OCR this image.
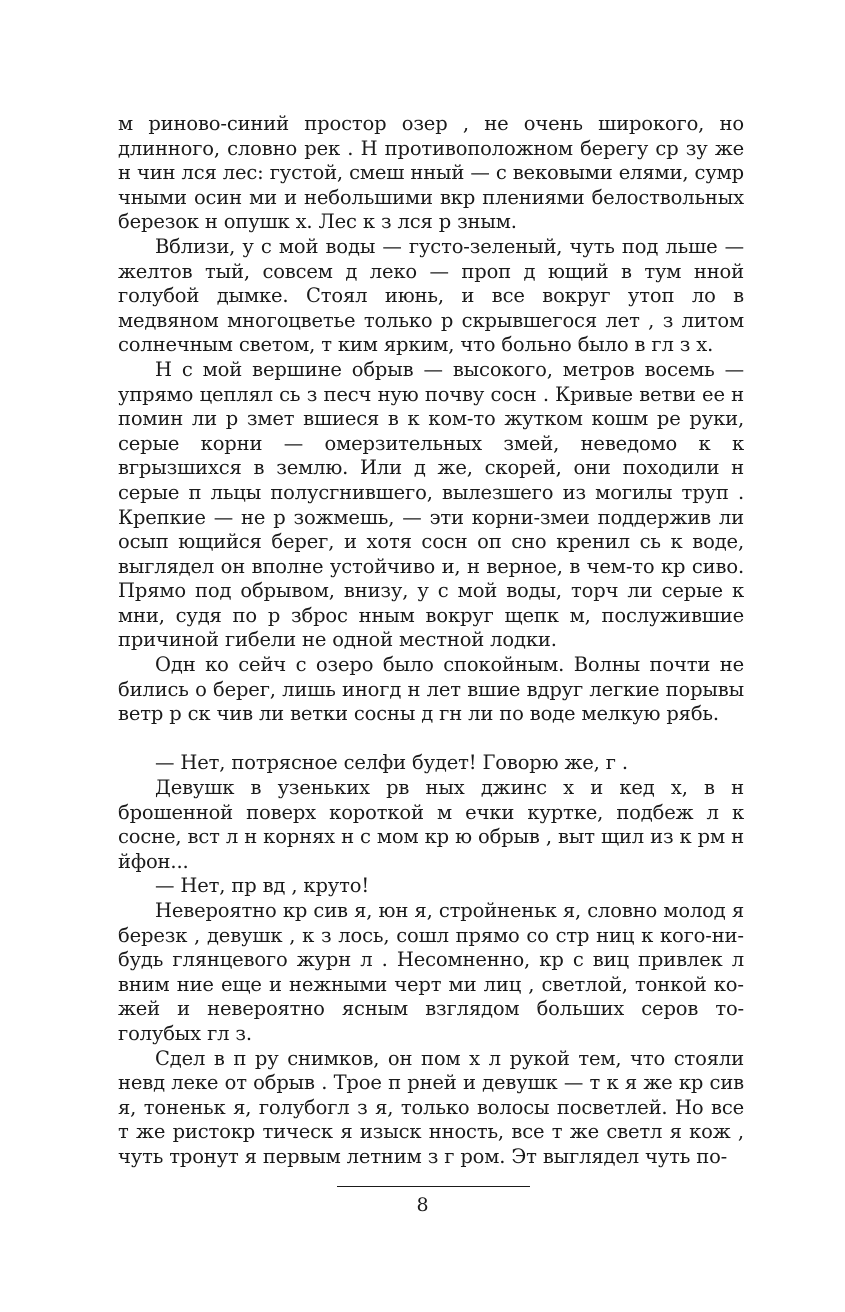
м риново-синий простор озер , не очень широкого, но длинного, словно рек . Н противоположном берегу ср зу же н чин лся лес: густой, смеш нный — с вековыми елями, сумр чными осин ми и небольшими вкр плениями белоствольных березок н опушк х. Лес к з лся р зным.

Вблизи, у с мой воды — густо-зеленый, чуть под льше — желтов тый, совсем д леко — проп д ющий в тум нной голубой дымке. Стоял июнь, и все вокруг утоп ло в медвяном многоцветье только р скрывшегося лет , з литом солнечным светом, т ким ярким, что больно было в гл з х.

Н с мой вершине обрыв — высокого, метров восемь — упрямо цеплял сь з песч ную почву сосн . Кривые ветви ее н помин ли р змет вшиеся в к ком-то жутком кошм ре руки, серые корни — омерзительных змей, неведомо к к вгрызшихся в землю. Или д же, скорей, они походили н серые п льцы полусгнившего, вылезшего из могилы труп . Крепкие — не р зожмешь, — эти корни-змеи поддержив ли осып ющийся берег, и хотя сосн оп сно кренил сь к воде, выглядел он вполне устойчиво и, н верное, в чем-то кр сиво. Прямо под обрывом, внизу, у с мой воды, торч ли серые к мни, судя по р зброс нным вокруг щепк м, послужившие причиной гибели не одной местной лодки.

Одн ко сейч с озеро было спокойным. Волны почти не бились о берег, лишь иногд н лет вшие вдруг легкие порывы ветр р ск чив ли ветки сосны д гн ли по воде мелкую рябь.

— Нет, потрясное селфи будет! Говорю же, г .

Девушк в узеньких рв ных джинс х и кед х, в н брошенной поверх короткой м ечки куртке, подбеж л к сосне, вст л н корнях н с мом кр ю обрыв , выт щил из к рм н йфон...

— Нет, пр вд , круто!

Невероятно кр сив я, юн я, стройненьк я, словно молод я березк , девушк , к з лось, сошл прямо со стр ниц к кого-нибудь глянцевого журн л . Несомненно, кр с виц привлек л вним ние еще и нежными черт ми лиц , светлой, тонкой кожей и невероятно ясным взглядом больших серов то-голубых гл з.

Сдел в п ру снимков, он пом х л рукой тем, что стояли невд леке от обрыв . Трое п рней и девушк — т к я же кр сив я, тоненьк я, голубогл з я, только волосы посветлей. Но все т же ристокр тическ я изыск нность, все т же светл я кож , чуть тронут я первым летним з г ром. Эт выглядел чуть по-

8
